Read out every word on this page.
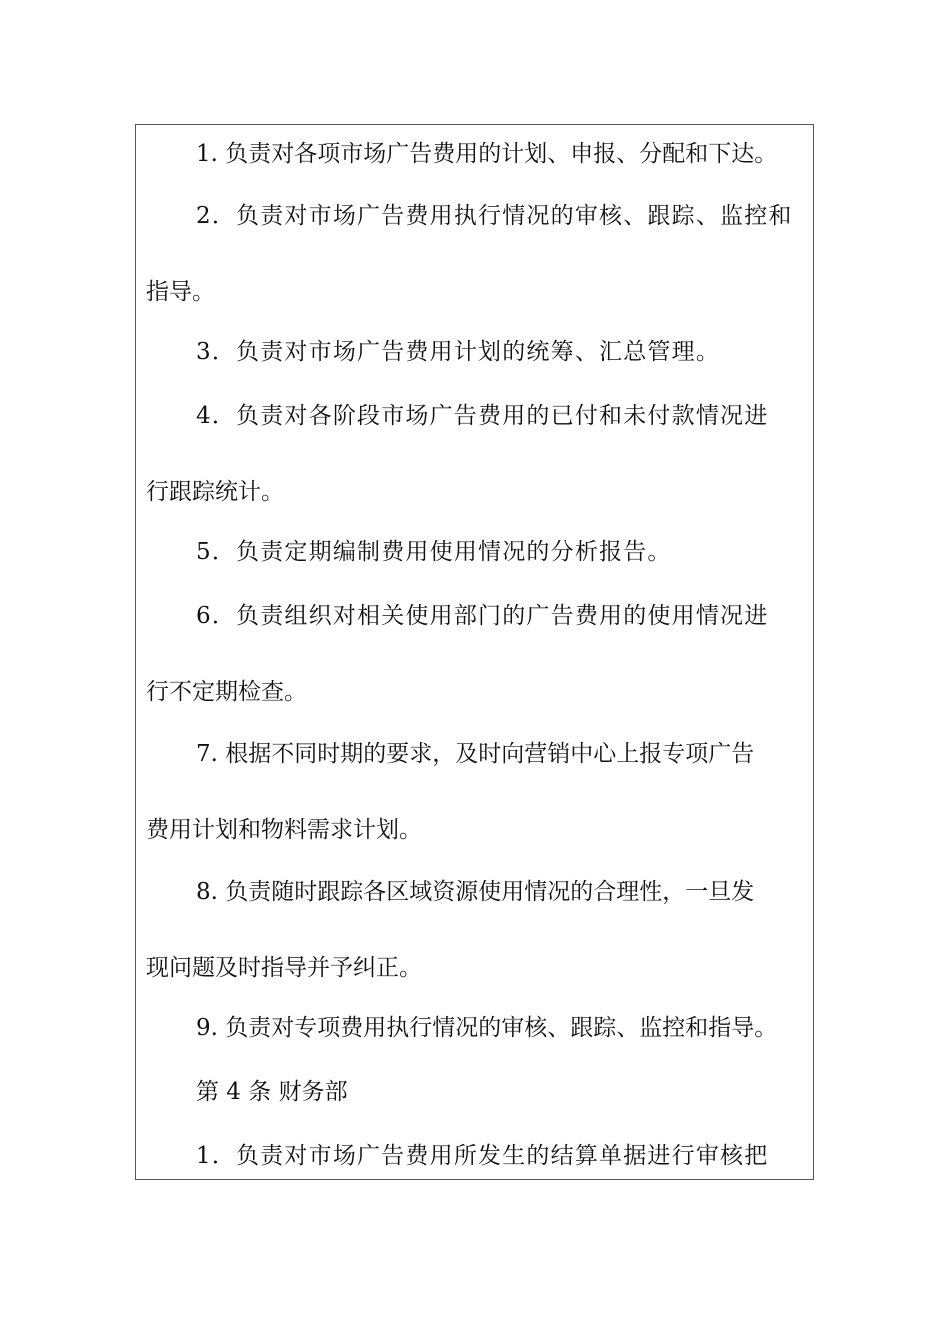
1. 负责对各项市场广告费用的计划、申报、分配和下达。
2．负责对市场广告费用执行情况的审核、跟踪、监控和
指导。
3．负责对市场广告费用计划的统筹、汇总管理。
4．负责对各阶段市场广告费用的已付和未付款情况进
行跟踪统计。
5．负责定期编制费用使用情况的分析报告。
6．负责组织对相关使用部门的广告费用的使用情况进
行不定期检查。
7. 根据不同时期的要求，及时向营销中心上报专项广告
费用计划和物料需求计划。
8. 负责随时跟踪各区域资源使用情况的合理性，一旦发
现问题及时指导并予纠正。
9. 负责对专项费用执行情况的审核、跟踪、监控和指导。
第 4 条 财务部
1．负责对市场广告费用所发生的结算单据进行审核把
